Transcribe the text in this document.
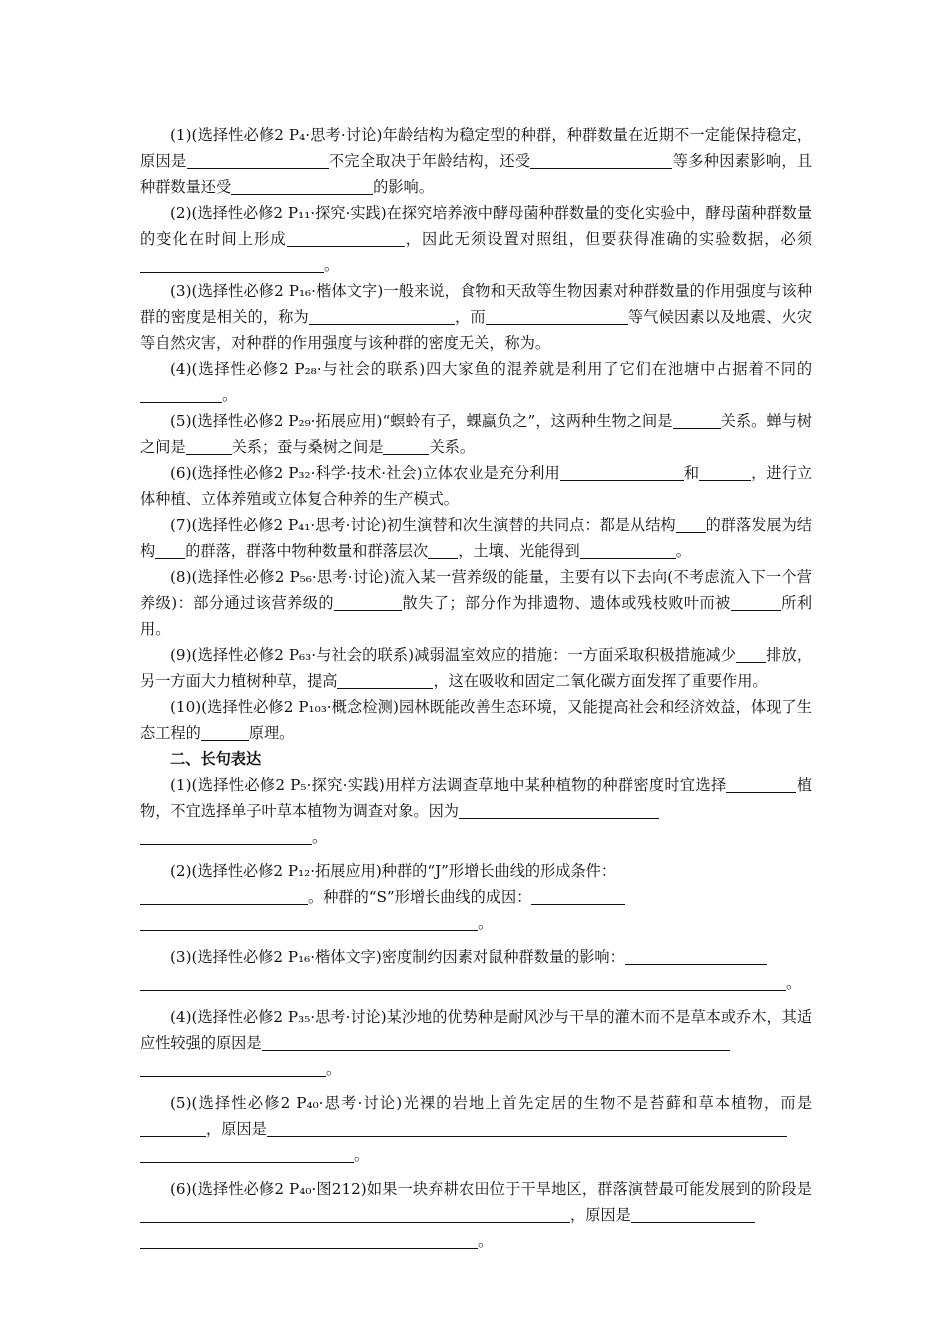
(1)(选择性必修2 P₄·思考·讨论)年龄结构为稳定型的种群，种群数量在近期不一定能保持稳定，原因是	不完全取决于年龄结构，还受	等多种因素影响，且种群数量还受	的影响。

(2)(选择性必修2 P₁₁·探究·实践)在探究培养液中酵母菌种群数量的变化实验中，酵母菌种群数量的变化在时间上形成	，因此无须设置对照组，但要获得准确的实验数据，必须。

(3)(选择性必修2 P₁₆·楷体文字)一般来说，食物和天敌等生物因素对种群数量的作用强度与该种群的密度是相关的，称为	，而	等气候因素以及地震、火灾等自然灾害，对种群的作用强度与该种群的密度无关，称为。

(4)(选择性必修2 P₂₈·与社会的联系)四大家鱼的混养就是利用了它们在池塘中占据着不同的。

(5)(选择性必修2 P₂₉·拓展应用)“螟蛉有子，蜾蠃负之”，这两种生物之间是	关系。蝉与树之间是	关系；蚕与桑树之间是	关系。

(6)(选择性必修2 P₃₂·科学·技术·社会)立体农业是充分利用	和	，进行立体种植、立体养殖或立体复合种养的生产模式。

(7)(选择性必修2 P₄₁·思考·讨论)初生演替和次生演替的共同点：都是从结构 的群落发展为结构 的群落，群落中物种数量和群落层次 ，土壤、光能得到	。

(8)(选择性必修2 P₅₆·思考·讨论)流入某一营养级的能量，主要有以下去向(不考虑流入下一个营养级)：部分通过该营养级的	散失了；部分作为排遗物、遗体或残枝败叶而被	所利用。

(9)(选择性必修2 P₆₃·与社会的联系)减弱温室效应的措施：一方面采取积极措施减少 排放，另一方面大力植树种草，提高	，这在吸收和固定二氧化碳方面发挥了重要作用。

(10)(选择性必修2 P₁₀₃·概念检测)园林既能改善生态环境，又能提高社会和经济效益，体现了生态工程的	原理。

二、长句表达

(1)(选择性必修2 P₅·探究·实践)用样方法调查草地中某种植物的种群密度时宜选择	植物，不宜选择单子叶草本植物为调查对象。因为

。

(2)(选择性必修2 P₁₂·拓展应用)种群的“J”形增长曲线的形成条件：

。种群的“S”形增长曲线的成因：

。

(3)(选择性必修2 P₁₆·楷体文字)密度制约因素对鼠种群数量的影响：

。

(4)(选择性必修2 P₃₅·思考·讨论)某沙地的优势种是耐风沙与干旱的灌木而不是草本或乔木，其适应性较强的原因是

。

(5)(选择性必修2 P₄₀·思考·讨论)光裸的岩地上首先定居的生物不是苔藓和草本植物，而是，原因是

。

(6)(选择性必修2 P₄₀·图212)如果一块弃耕农田位于干旱地区，群落演替最可能发展到的阶段是，原因是

。
